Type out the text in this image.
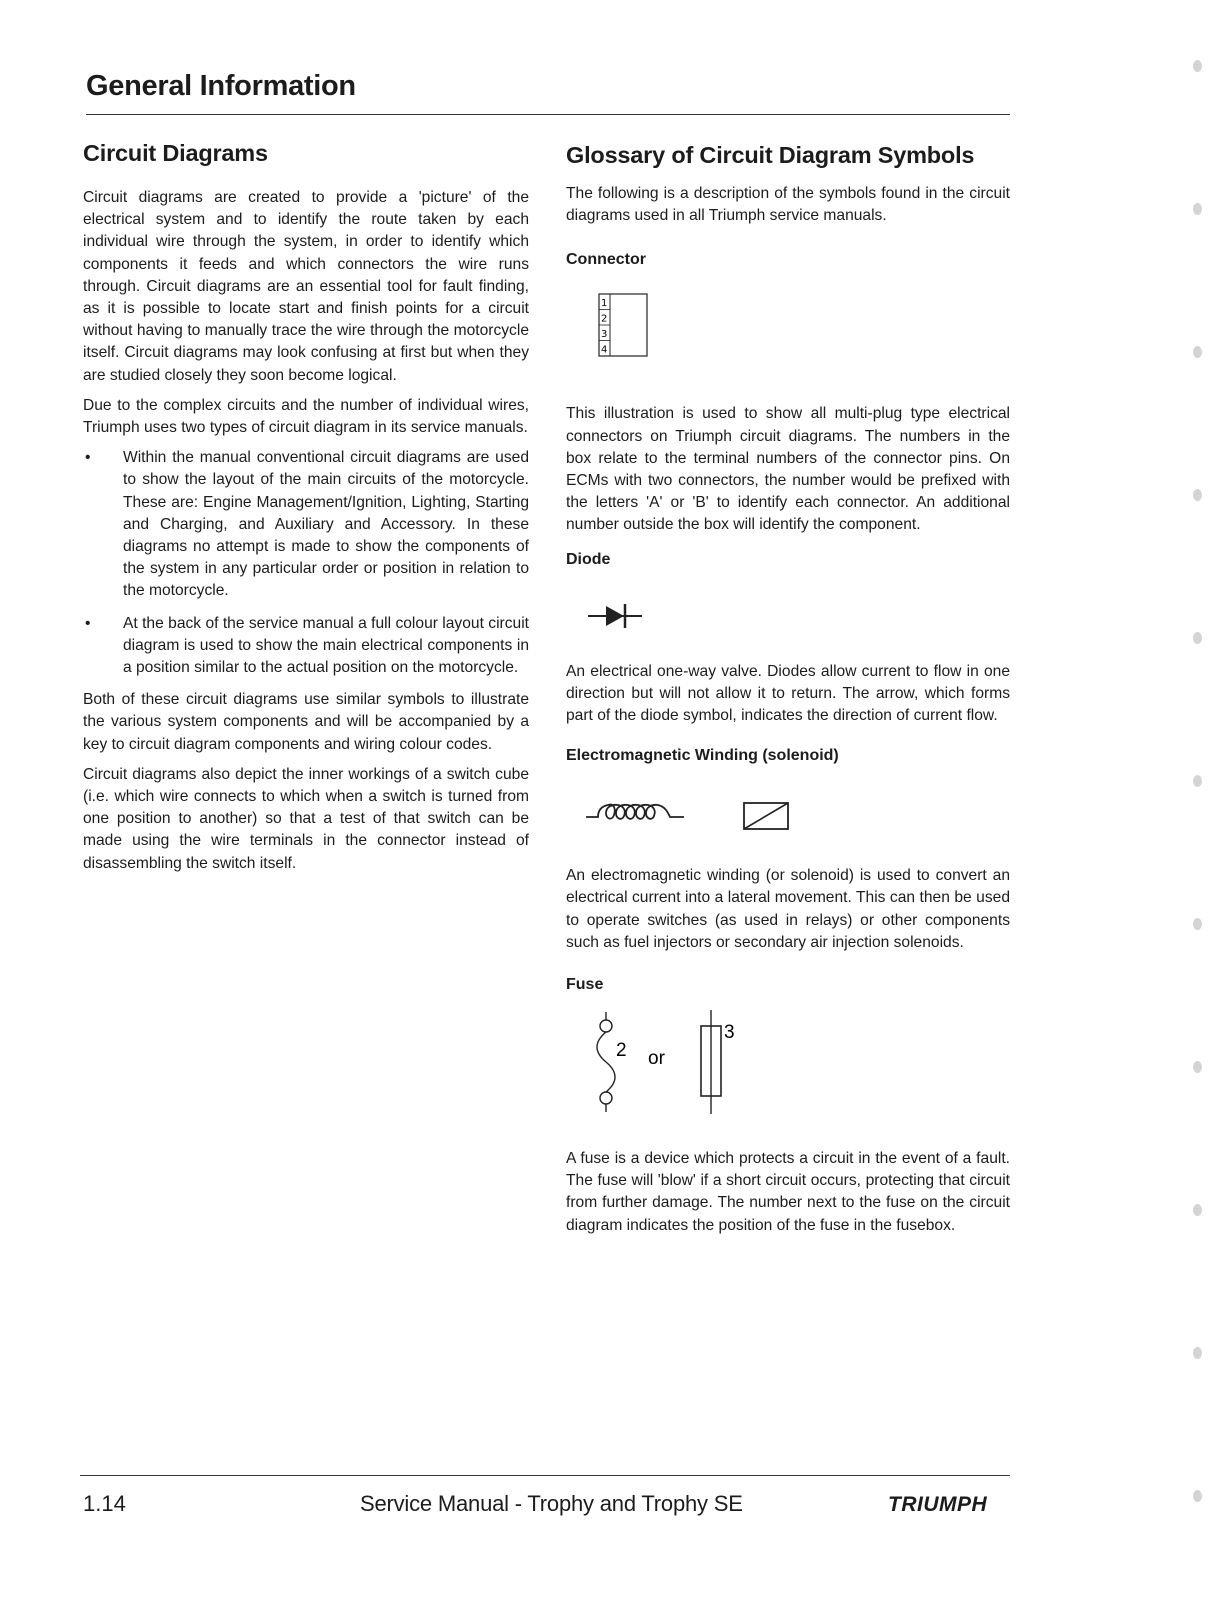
General Information
Circuit Diagrams

Circuit diagrams are created to provide a 'picture' of the electrical system and to identify the route taken by each individual wire through the system, in order to identify which components it feeds and which connectors the wire runs through. Circuit diagrams are an essential tool for fault finding, as it is possible to locate start and finish points for a circuit without having to manually trace the wire through the motorcycle itself. Circuit diagrams may look confusing at first but when they are studied closely they soon become logical.

Due to the complex circuits and the number of individual wires, Triumph uses two types of circuit diagram in its service manuals.

• Within the manual conventional circuit diagrams are used to show the layout of the main circuits of the motorcycle. These are: Engine Management/Ignition, Lighting, Starting and Charging, and Auxiliary and Accessory. In these diagrams no attempt is made to show the components of the system in any particular order or position in relation to the motorcycle.
• At the back of the service manual a full colour layout circuit diagram is used to show the main electrical components in a position similar to the actual position on the motorcycle.

Both of these circuit diagrams use similar symbols to illustrate the various system components and will be accompanied by a key to circuit diagram components and wiring colour codes.

Circuit diagrams also depict the inner workings of a switch cube (i.e. which wire connects to which when a switch is turned from one position to another) so that a test of that switch can be made using the wire terminals in the connector instead of disassembling the switch itself.

Glossary of Circuit Diagram Symbols

The following is a description of the symbols found in the circuit diagrams used in all Triumph service manuals.

Connector
1
2
3
4

This illustration is used to show all multi-plug type electrical connectors on Triumph circuit diagrams. The numbers in the box relate to the terminal numbers of the connector pins. On ECMs with two connectors, the number would be prefixed with the letters 'A' or 'B' to identify each connector. An additional number outside the box will identify the component.

Diode

An electrical one-way valve. Diodes allow current to flow in one direction but will not allow it to return. The arrow, which forms part of the diode symbol, indicates the direction of current flow.

Electromagnetic Winding (solenoid)

An electromagnetic winding (or solenoid) is used to convert an electrical current into a lateral movement. This can then be used to operate switches (as used in relays) or other components such as fuel injectors or secondary air injection solenoids.

Fuse
2 or
3

A fuse is a device which protects a circuit in the event of a fault. The fuse will 'blow' if a short circuit occurs, protecting that circuit from further damage. The number next to the fuse on the circuit diagram indicates the position of the fuse in the fusebox.

1.14	Service Manual - Trophy and Trophy SE	TRIUMPH
